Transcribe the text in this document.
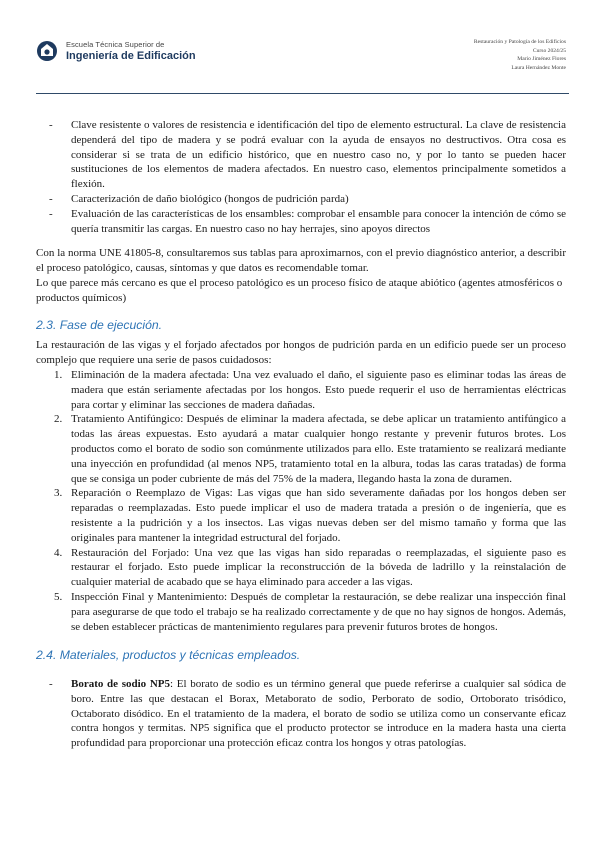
Escuela Técnica Superior de
Ingeniería de Edificación
Restauración y Patología de los Edificios
Curso 2024/25
Mario Jiménez Flores
Laura Hernández Monte
- Clave resistente o valores de resistencia e identificación del tipo de elemento estructural. La clave de resistencia dependerá del tipo de madera y se podrá evaluar con la ayuda de ensayos no destructivos. Otra cosa es considerar si se trata de un edificio histórico, que en nuestro caso no, y por lo tanto se pueden hacer sustituciones de los elementos de madera afectados. En nuestro caso, elementos principalmente sometidos a flexión.
- Caracterización de daño biológico (hongos de pudrición parda)
- Evaluación de las características de los ensambles: comprobar el ensamble para conocer la intención de cómo se quería transmitir las cargas. En nuestro caso no hay herrajes, sino apoyos directos

Con la norma UNE 41805-8, consultaremos sus tablas para aproximarnos, con el previo diagnóstico anterior, a describir el proceso patológico, causas, síntomas y que datos es recomendable tomar.

Lo que parece más cercano es que el proceso patológico es un proceso físico de ataque abiótico (agentes atmosféricos o productos químicos)

2.3. Fase de ejecución.

La restauración de las vigas y el forjado afectados por hongos de pudrición parda en un edificio puede ser un proceso complejo que requiere una serie de pasos cuidadosos:

1. Eliminación de la madera afectada: Una vez evaluado el daño, el siguiente paso es eliminar todas las áreas de madera que están seriamente afectadas por los hongos. Esto puede requerir el uso de herramientas eléctricas para cortar y eliminar las secciones de madera dañadas.
2. Tratamiento Antifúngico: Después de eliminar la madera afectada, se debe aplicar un tratamiento antifúngico a todas las áreas expuestas. Esto ayudará a matar cualquier hongo restante y prevenir futuros brotes. Los productos como el borato de sodio son comúnmente utilizados para ello. Este tratamiento se realizará mediante una inyección en profundidad (al menos NP5, tratamiento total en la albura, todas las caras tratadas) de forma que se consiga un poder cubriente de más del 75% de la madera, llegando hasta la zona de duramen.
3. Reparación o Reemplazo de Vigas: Las vigas que han sido severamente dañadas por los hongos deben ser reparadas o reemplazadas. Esto puede implicar el uso de madera tratada a presión o de ingeniería, que es resistente a la pudrición y a los insectos. Las vigas nuevas deben ser del mismo tamaño y forma que las originales para mantener la integridad estructural del forjado.
4. Restauración del Forjado: Una vez que las vigas han sido reparadas o reemplazadas, el siguiente paso es restaurar el forjado. Esto puede implicar la reconstrucción de la bóveda de ladrillo y la reinstalación de cualquier material de acabado que se haya eliminado para acceder a las vigas.
5. Inspección Final y Mantenimiento: Después de completar la restauración, se debe realizar una inspección final para asegurarse de que todo el trabajo se ha realizado correctamente y de que no hay signos de hongos. Además, se deben establecer prácticas de mantenimiento regulares para prevenir futuros brotes de hongos.
2.4. Materiales, productos y técnicas empleados.
- Borato de sodio NP5: El borato de sodio es un término general que puede referirse a cualquier sal sódica de boro. Entre las que destacan el Borax, Metaborato de sodio, Perborato de sodio, Ortoborato trisódico, Octaborato disódico. En el tratamiento de la madera, el borato de sodio se utiliza como un conservante eficaz contra hongos y termitas. NP5 significa que el producto protector se introduce en la madera hasta una cierta profundidad para proporcionar una protección eficaz contra los hongos y otras patologías.
